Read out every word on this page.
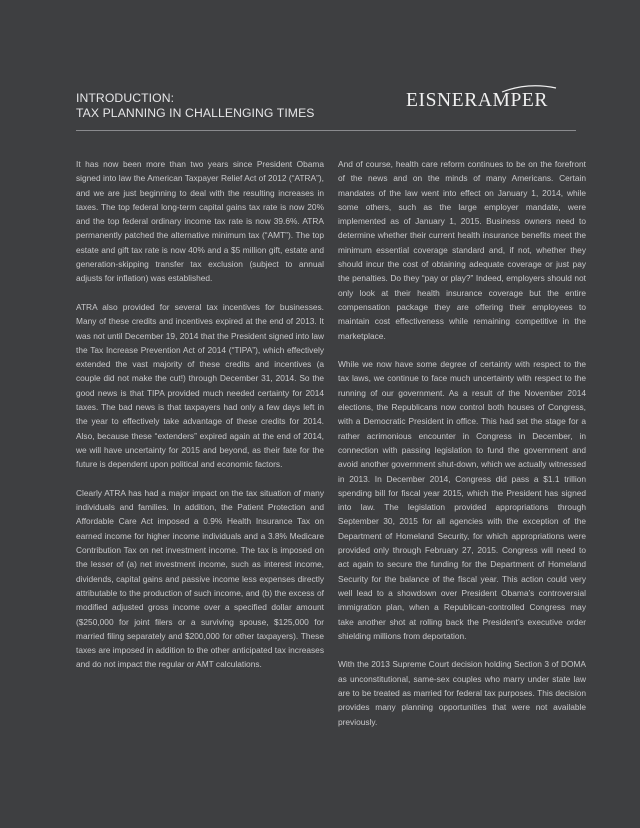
INTRODUCTION:
TAX PLANNING IN CHALLENGING TIMES
EISNERAMPER

It has now been more than two years since President Obama signed into law the American Taxpayer Relief Act of 2012 (“ATRA”), and we are just beginning to deal with the resulting increases in taxes. The top federal long-term capital gains tax rate is now 20% and the top federal ordinary income tax rate is now 39.6%. ATRA permanently patched the alternative minimum tax (“AMT”). The top estate and gift tax rate is now 40% and a $5 million gift, estate and generation-skipping transfer tax exclusion (subject to annual adjusts for inflation) was established.

ATRA also provided for several tax incentives for businesses. Many of these credits and incentives expired at the end of 2013. It was not until December 19, 2014 that the President signed into law the Tax Increase Prevention Act of 2014 (“TIPA”), which effectively extended the vast majority of these credits and incentives (a couple did not make the cut!) through December 31, 2014. So the good news is that TIPA provided much needed certainty for 2014 taxes. The bad news is that taxpayers had only a few days left in the year to effectively take advantage of these credits for 2014. Also, because these “extenders” expired again at the end of 2014, we will have uncertainty for 2015 and beyond, as their fate for the future is dependent upon political and economic factors.

Clearly ATRA has had a major impact on the tax situation of many individuals and families. In addition, the Patient Protection and Affordable Care Act imposed a 0.9% Health Insurance Tax on earned income for higher income individuals and a 3.8% Medicare Contribution Tax on net investment income. The tax is imposed on the lesser of (a) net investment income, such as interest income, dividends, capital gains and passive income less expenses directly attributable to the production of such income, and (b) the excess of modified adjusted gross income over a specified dollar amount ($250,000 for joint filers or a surviving spouse, $125,000 for married filing separately and $200,000 for other taxpayers). These taxes are imposed in addition to the other anticipated tax increases and do not impact the regular or AMT calculations.

And of course, health care reform continues to be on the forefront of the news and on the minds of many Americans. Certain mandates of the law went into effect on January 1, 2014, while some others, such as the large employer mandate, were implemented as of January 1, 2015. Business owners need to determine whether their current health insurance benefits meet the minimum essential coverage standard and, if not, whether they should incur the cost of obtaining adequate coverage or just pay the penalties. Do they “pay or play?” Indeed, employers should not only look at their health insurance coverage but the entire compensation package they are offering their employees to maintain cost effectiveness while remaining competitive in the marketplace.

While we now have some degree of certainty with respect to the tax laws, we continue to face much uncertainty with respect to the running of our government. As a result of the November 2014 elections, the Republicans now control both houses of Congress, with a Democratic President in office. This had set the stage for a rather acrimonious encounter in Congress in December, in connection with passing legislation to fund the government and avoid another government shut-down, which we actually witnessed in 2013. In December 2014, Congress did pass a $1.1 trillion spending bill for fiscal year 2015, which the President has signed into law. The legislation provided appropriations through September 30, 2015 for all agencies with the exception of the Department of Homeland Security, for which appropriations were provided only through February 27, 2015. Congress will need to act again to secure the funding for the Department of Homeland Security for the balance of the fiscal year. This action could very well lead to a showdown over President Obama’s controversial immigration plan, when a Republican-controlled Congress may take another shot at rolling back the President’s executive order shielding millions from deportation.

With the 2013 Supreme Court decision holding Section 3 of DOMA as unconstitutional, same-sex couples who marry under state law are to be treated as married for federal tax purposes. This decision provides many planning opportunities that were not available previously.
